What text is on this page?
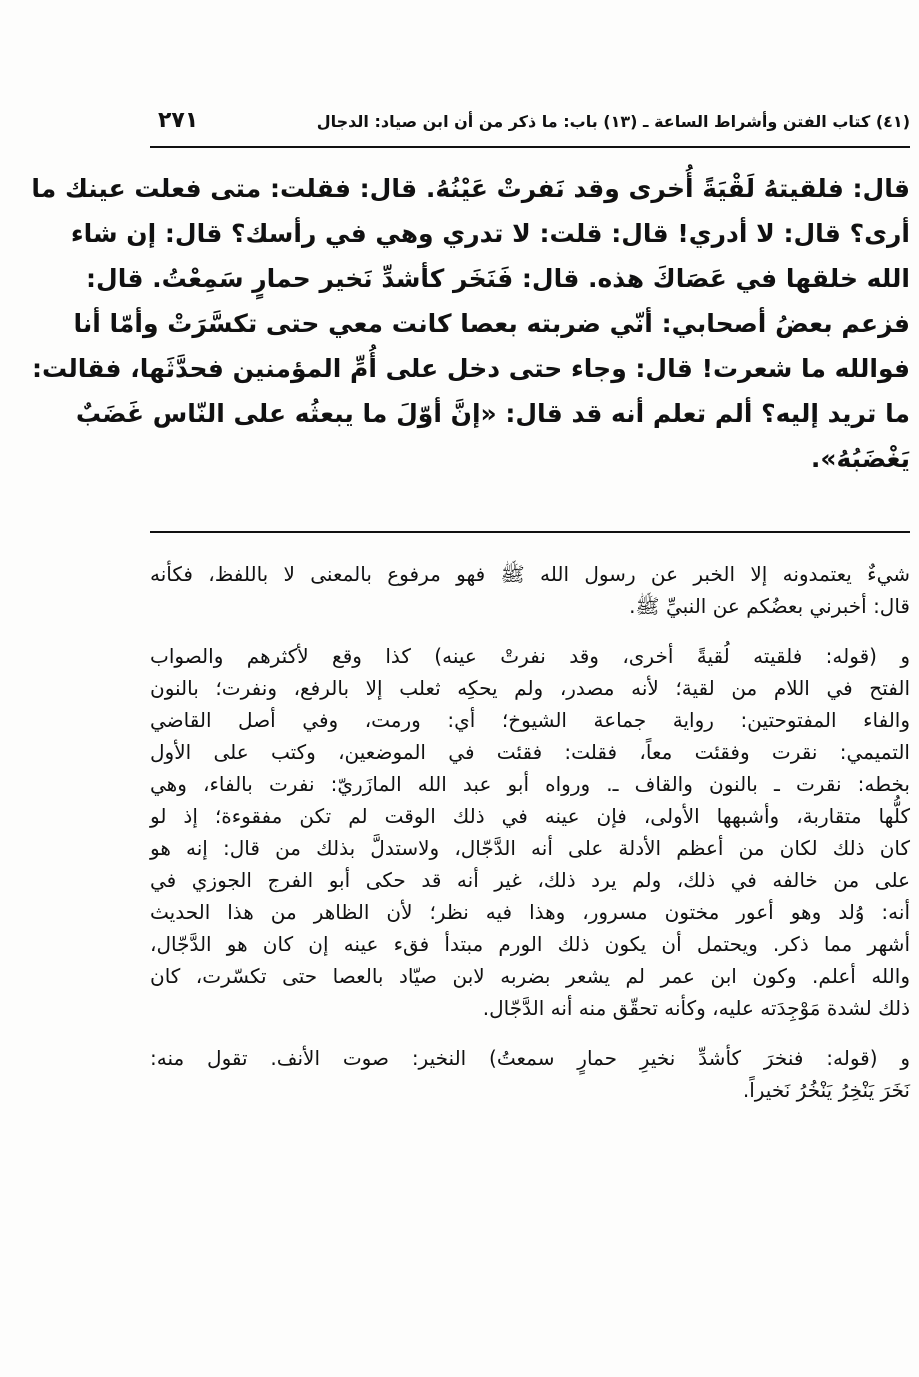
(٤١) كتاب الفتن وأشراط الساعة ـ (١٣) باب: ما ذكر من أن ابن صياد: الدجال
٢٧١
قال: فلقيتهُ لَقْيَةً أُخرى وقد نَفرتْ عَيْنُهُ. قال: فقلت: متى فعلت عينك ما
أرى؟ قال: لا أدري! قال: قلت: لا تدري وهي في رأسك؟ قال: إن شاء
الله خلقها في عَصَاكَ هذه. قال: فَنَخَر كأشدِّ نَخير حمارٍ سَمِعْتُ. قال:
فزعم بعضُ أصحابي: أنّي ضربته بعصا كانت معي حتى تكسَّرَتْ وأمّا أنا
فوالله ما شعرت! قال: وجاء حتى دخل على أُمِّ المؤمنين فحدَّثَها، فقالت:
ما تريد إليه؟ ألم تعلم أنه قد قال: «إنَّ أوّلَ ما يبعثُه على النّاس غَضَبٌ
يَغْضَبُهُ».
شيءٌ يعتمدونه إلا الخبر عن رسول الله ﷺ فهو مرفوع بالمعنى لا باللفظ، فكأنه
قال: أخبرني بعضُكم عن النبيِّ ﷺ.
و (قوله: فلقيته لُقيةً أخرى، وقد نفرتْ عينه) كذا وقع لأكثرهم والصواب
الفتح في اللام من لقية؛ لأنه مصدر، ولم يحكِه ثعلب إلا بالرفع، ونفرت؛ بالنون
والفاء المفتوحتين: رواية جماعة الشيوخ؛ أي: ورمت، وفي أصل القاضي
التميمي: نقرت وفقئت معاً، فقلت: فقئت في الموضعين، وكتب على الأول
بخطه: نقرت ـ بالنون والقاف ـ. ورواه أبو عبد الله المازَريّ: نفرت بالفاء، وهي
كلُّها متقاربة، وأشبهها الأولى، فإن عينه في ذلك الوقت لم تكن مفقوءة؛ إذ لو
كان ذلك لكان من أعظم الأدلة على أنه الدَّجّال، ولاستدلَّ بذلك من قال: إنه هو
على من خالفه في ذلك، ولم يرد ذلك، غير أنه قد حكى أبو الفرج الجوزي في
أنه: وُلد وهو أعور مختون مسرور، وهذا فيه نظر؛ لأن الظاهر من هذا الحديث
أشهر مما ذكر. ويحتمل أن يكون ذلك الورم مبتدأ فقء عينه إن كان هو الدَّجّال،
والله أعلم. وكون ابن عمر لم يشعر بضربه لابن صيّاد بالعصا حتى تكسّرت، كان
ذلك لشدة مَوْجِدَته عليه، وكأنه تحقّق منه أنه الدَّجّال.
و (قوله: فنخرَ كأشدِّ نخيرِ حمارٍ سمعتُ) النخير: صوت الأنف. تقول منه:
نَخَرَ يَنْخِرُ يَنْخُرُ نَخيراً.
